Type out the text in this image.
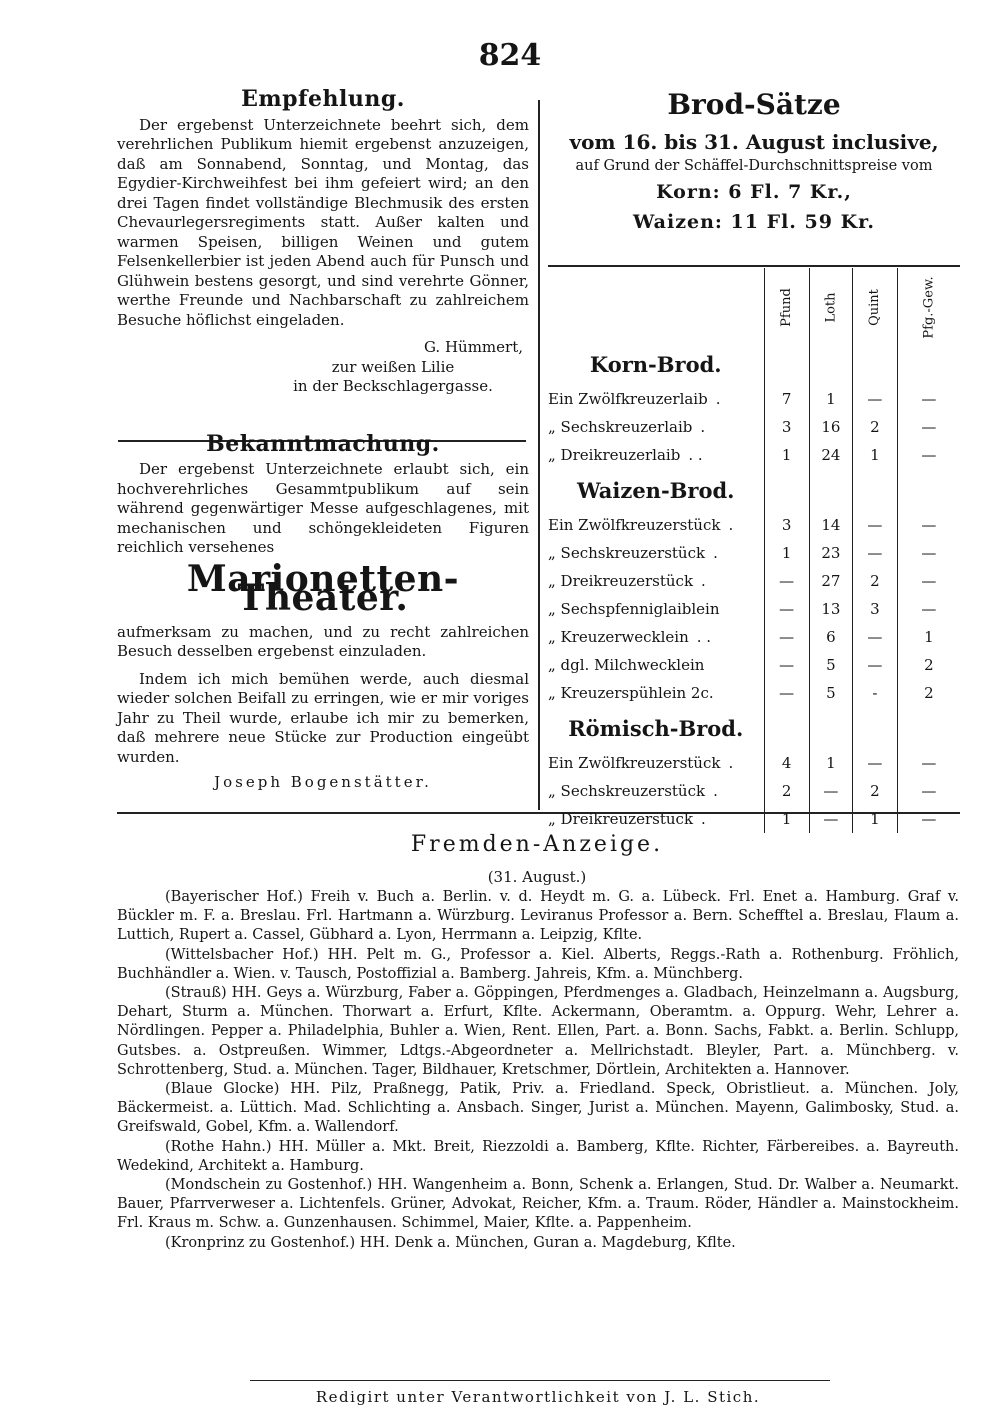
824
Empfehlung.

Der ergebenst Unterzeichnete beehrt sich, dem verehrlichen Publikum hiemit ergebenst anzuzeigen, daß am Sonnabend, Sonntag, und Montag, das Egydier-Kirchweihfest bei ihm gefeiert wird; an den drei Tagen findet vollständige Blechmusik des ersten Chevaurlegersregiments statt. Außer kalten und warmen Speisen, billigen Weinen und gutem Felsenkellerbier ist jeden Abend auch für Punsch und Glühwein bestens gesorgt, und sind verehrte Gönner, werthe Freunde und Nachbarschaft zu zahlreichem Besuche höflichst eingeladen.

G. Hümmert,
zur weißen Lilie
in der Beckschlagergasse.
Bekanntmachung.

Der ergebenst Unterzeichnete erlaubt sich, ein hochverehrliches Gesammtpublikum auf sein während gegenwärtiger Messe aufgeschlagenes, mit mechanischen und schöngekleideten Figuren reichlich versehenes

Marionetten-Theater.

aufmerksam zu machen, und zu recht zahlreichen Besuch desselben ergebenst einzuladen.

Indem ich mich bemühen werde, auch diesmal wieder solchen Beifall zu erringen, wie er mir voriges Jahr zu Theil wurde, erlaube ich mir zu bemerken, daß mehrere neue Stücke zur Production eingeübt wurden.

Joseph Bogenstätter.
Brod-Sätze
vom 16. bis 31. August inclusive,
auf Grund der Schäffel-Durchschnittspreise vom
Korn: 6 Fl. 7 Kr.,
Waizen: 11 Fl. 59 Kr.
	Pfund	Loth	Quint	Pfg.-Gew.
Korn-Brod.				
Ein Zwölfkreuzerlaib .	7	1	—	—
„ Sechskreuzerlaib .	3	16	2	—
„ Dreikreuzerlaib . .	1	24	1	—
Waizen-Brod.				
Ein Zwölfkreuzerstück .	3	14	—	—
„ Sechskreuzerstück .	1	23	—	—
„ Dreikreuzerstück .	—	27	2	—
„ Sechspfenniglaiblein	—	13	3	—
„ Kreuzerwecklein . .	—	6	—	1
„ dgl. Milchwecklein	—	5	—	2
„ Kreuzerspühlein 2c.	—	5	-	2
Römisch-Brod.				
Ein Zwölfkreuzerstück .	4	1	—	—
„ Sechskreuzerstück .	2	—	2	—
„ Dreikreuzerstück .	1	—	1	—
Fremden-Anzeige.
(31. August.)

(Bayerischer Hof.) Freih v. Buch a. Berlin. v. d. Heydt m. G. a. Lübeck. Frl. Enet a. Hamburg. Graf v. Bückler m. F. a. Breslau. Frl. Hartmann a. Würzburg. Leviranus Professor a. Bern. Schefftel a. Breslau, Flaum a. Luttich, Rupert a. Cassel, Gübhard a. Lyon, Herrmann a. Leipzig, Kflte.

(Wittelsbacher Hof.) HH. Pelt m. G., Professor a. Kiel. Alberts, Reggs.-Rath a. Rothenburg. Fröhlich, Buchhändler a. Wien. v. Tausch, Postoffizial a. Bamberg. Jahreis, Kfm. a. Münchberg.

(Strauß) HH. Geys a. Würzburg, Faber a. Göppingen, Pferdmenges a. Gladbach, Heinzelmann a. Augsburg, Dehart, Sturm a. München. Thorwart a. Erfurt, Kflte. Ackermann, Oberamtm. a. Oppurg. Wehr, Lehrer a. Nördlingen. Pepper a. Philadelphia, Buhler a. Wien, Rent. Ellen, Part. a. Bonn. Sachs, Fabkt. a. Berlin. Schlupp, Gutsbes. a. Ostpreußen. Wimmer, Ldtgs.-Abgeordneter a. Mellrichstadt. Bleyler, Part. a. Münchberg. v. Schrottenberg, Stud. a. München. Tager, Bildhauer, Kretschmer, Dörtlein, Architekten a. Hannover.

(Blaue Glocke) HH. Pilz, Praßnegg, Patik, Priv. a. Friedland. Speck, Obristlieut. a. München. Joly, Bäckermeist. a. Lüttich. Mad. Schlichting a. Ansbach. Singer, Jurist a. München. Mayenn, Galimbosky, Stud. a. Greifswald, Gobel, Kfm. a. Wallendorf.

(Rothe Hahn.) HH. Müller a. Mkt. Breit, Riezzoldi a. Bamberg, Kflte. Richter, Färbereibes. a. Bayreuth. Wedekind, Architekt a. Hamburg.

(Mondschein zu Gostenhof.) HH. Wangenheim a. Bonn, Schenk a. Erlangen, Stud. Dr. Walber a. Neumarkt. Bauer, Pfarrverweser a. Lichtenfels. Grüner, Advokat, Reicher, Kfm. a. Traum. Röder, Händler a. Mainstockheim. Frl. Kraus m. Schw. a. Gunzenhausen. Schimmel, Maier, Kflte. a. Pappenheim.

(Kronprinz zu Gostenhof.) HH. Denk a. München, Guran a. Magdeburg, Kflte.

Redigirt unter Verantwortlichkeit von J. L. Stich.
